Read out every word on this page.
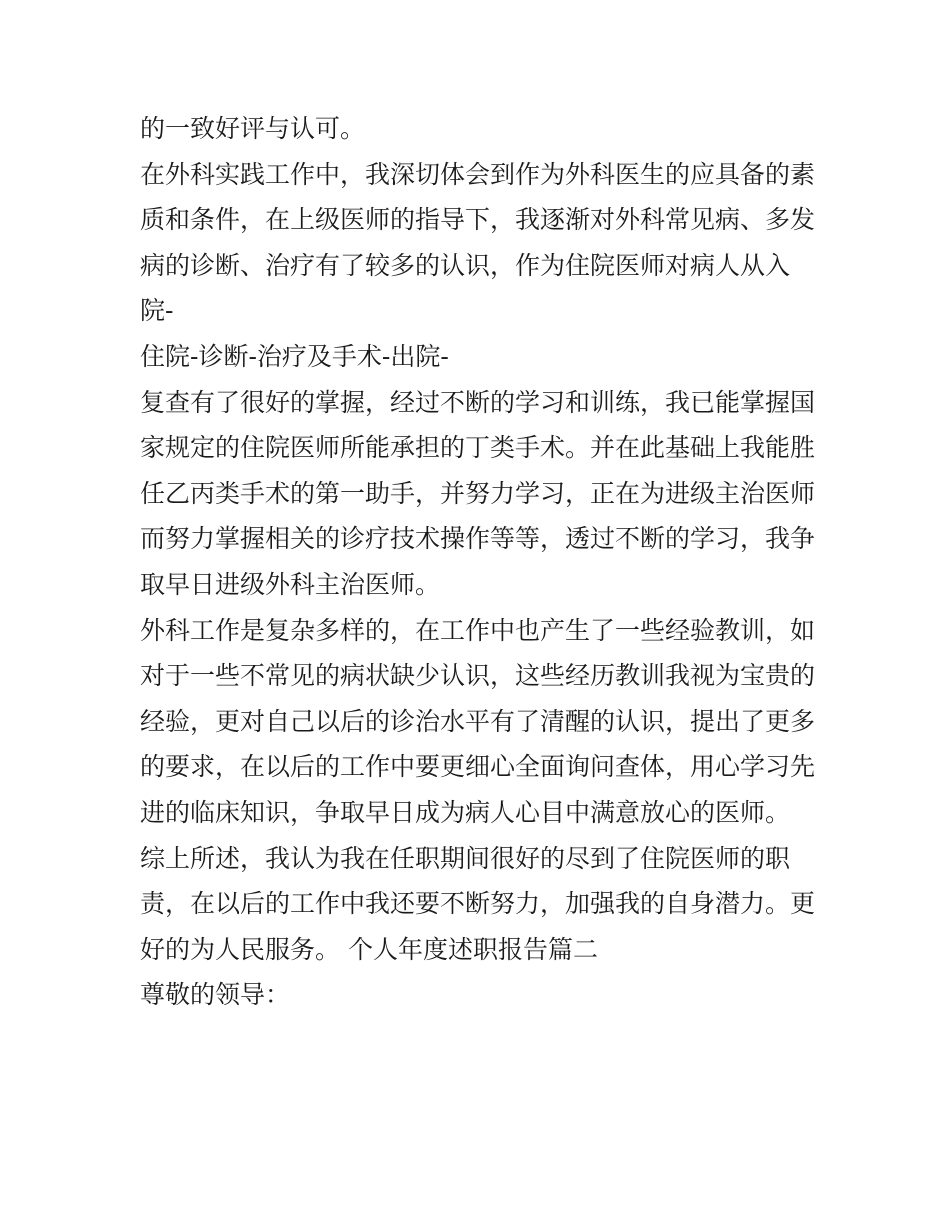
的一致好评与认可。
在外科实践工作中，我深切体会到作为外科医生的应具备的素
质和条件，在上级医师的指导下，我逐渐对外科常见病、多发
病的诊断、治疗有了较多的认识，作为住院医师对病人从入
院-
住院-诊断-治疗及手术-出院-
复查有了很好的掌握，经过不断的学习和训练，我已能掌握国
家规定的住院医师所能承担的丁类手术。并在此基础上我能胜
任乙丙类手术的第一助手，并努力学习，正在为进级主治医师
而努力掌握相关的诊疗技术操作等等，透过不断的学习，我争
取早日进级外科主治医师。
外科工作是复杂多样的，在工作中也产生了一些经验教训，如
对于一些不常见的病状缺少认识，这些经历教训我视为宝贵的
经验，更对自己以后的诊治水平有了清醒的认识，提出了更多
的要求，在以后的工作中要更细心全面询问查体，用心学习先
进的临床知识，争取早日成为病人心目中满意放心的医师。
综上所述，我认为我在任职期间很好的尽到了住院医师的职
责，在以后的工作中我还要不断努力，加强我的自身潜力。更
好的为人民服务。 个人年度述职报告篇二
尊敬的领导：
